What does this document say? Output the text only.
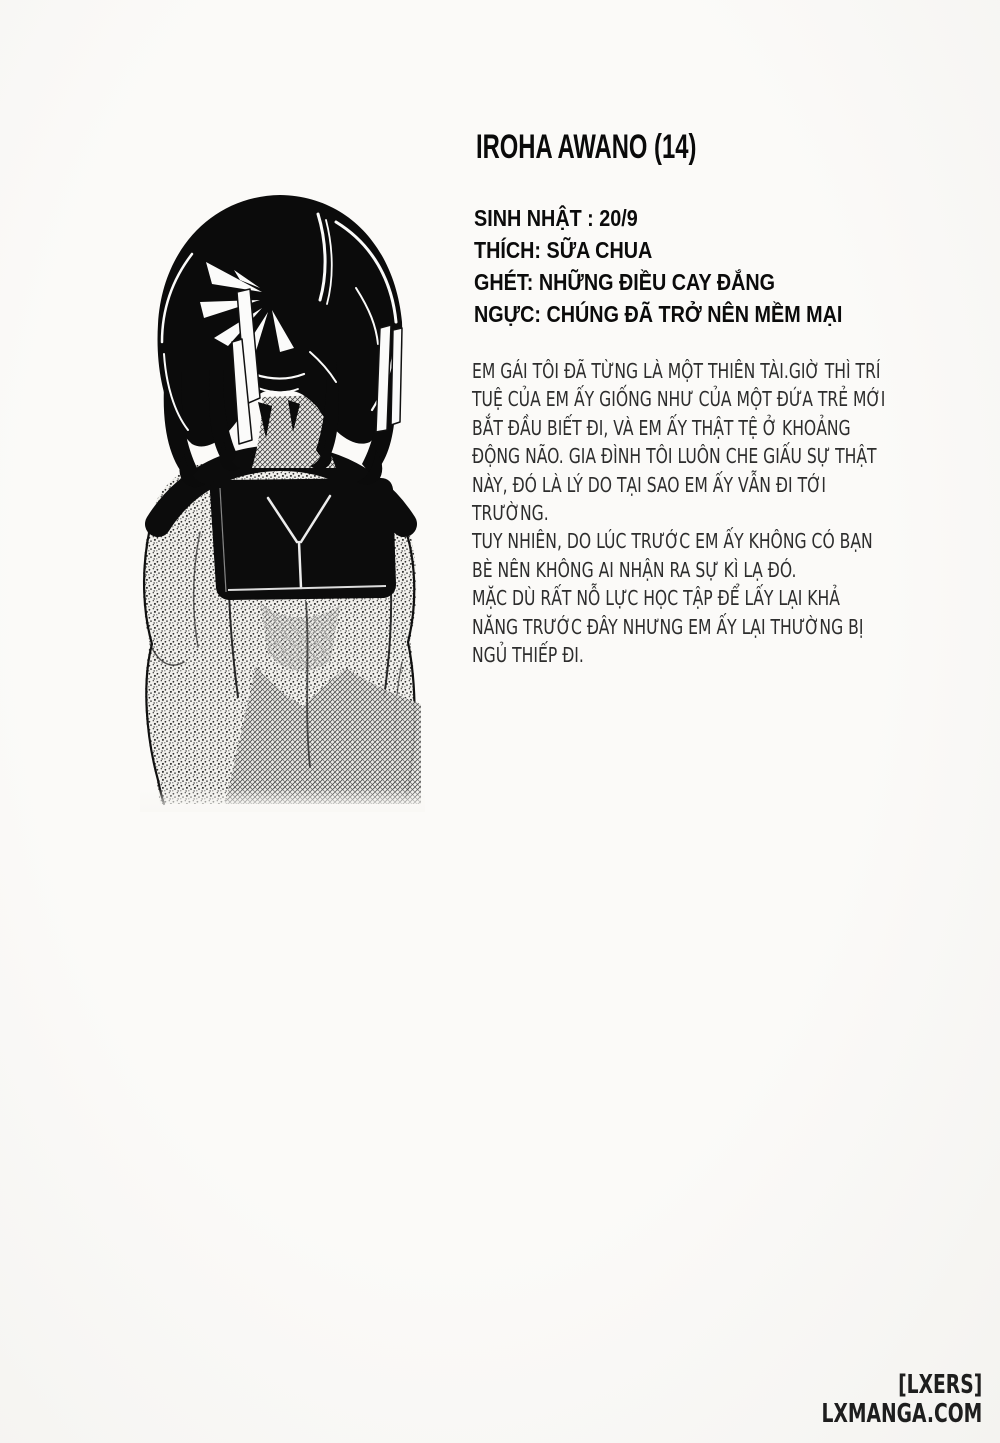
IROHA AWANO (14)
SINH NHẬT : 20/9
THÍCH: SỮA CHUA
GHÉT: NHỮNG ĐIỀU CAY ĐẮNG
NGỰC: CHÚNG ĐÃ TRỞ NÊN MỀM MẠI
EM GÁI TÔI ĐÃ TỪNG LÀ MỘT THIÊN TÀI.GIỜ THÌ TRÍ
TUỆ CỦA EM ẤY GIỐNG NHƯ CỦA MỘT ĐỨA TRẺ MỚI
BẮT ĐẦU BIẾT ĐI, VÀ EM ẤY THẬT TỆ Ở KHOẢNG
ĐỘNG NÃO. GIA ĐÌNH TÔI LUÔN CHE GIẤU SỰ THẬT
NÀY, ĐÓ LÀ LÝ DO TẠI SAO EM ẤY VẪN ĐI TỚI
TRƯỜNG.
TUY NHIÊN, DO LÚC TRƯỚC EM ẤY KHÔNG CÓ BẠN
BÈ NÊN KHÔNG AI NHẬN RA SỰ KÌ LẠ ĐÓ.
MẶC DÙ RẤT NỖ LỰC HỌC TẬP ĐỂ LẤY LẠI KHẢ
NĂNG TRƯỚC ĐÂY NHƯNG EM ẤY LẠI THƯỜNG BỊ
NGỦ THIẾP ĐI.
[LXERS]
LXMANGA.COM
